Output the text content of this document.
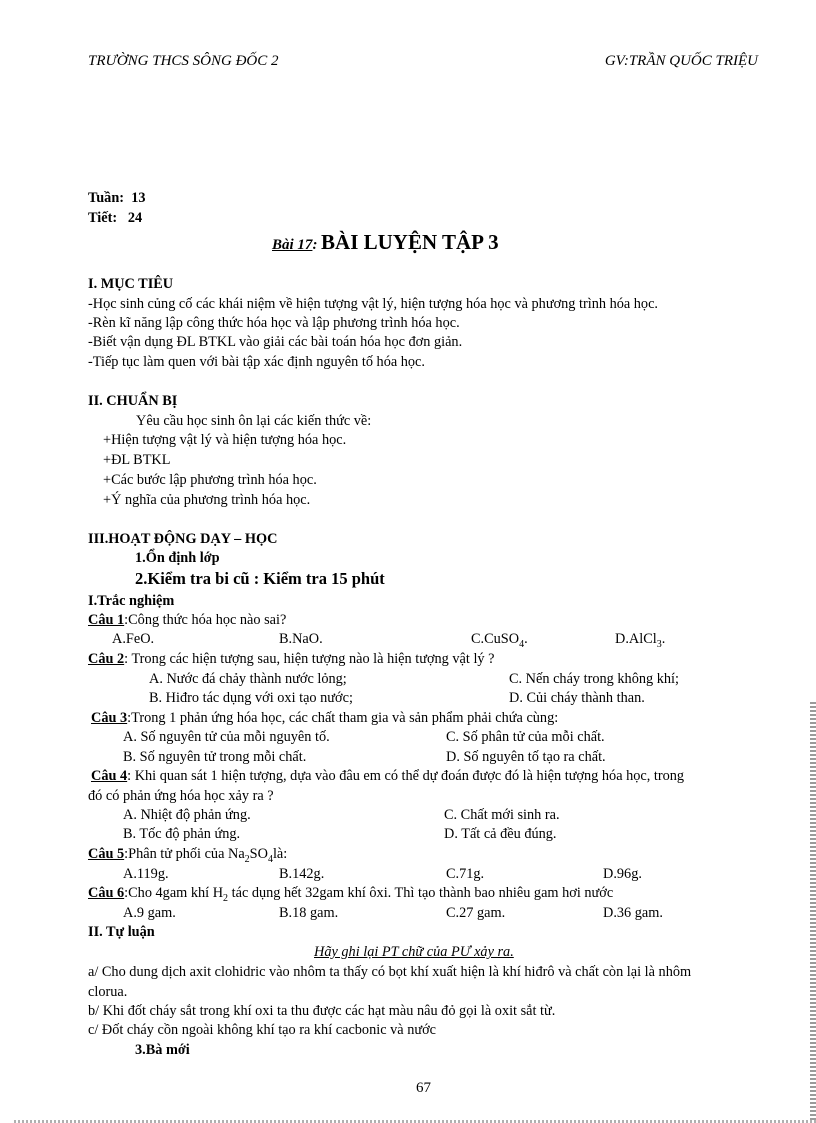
TRƯỜNG THCS SÔNG ĐỐC 2	GV:TRẦN QUỐC TRIỆU
Tuần: 13
Tiết: 24
Bài 17: BÀI LUYỆN TẬP 3
I. MỤC TIÊU
-Học sinh củng cố các khái niệm về hiện tượng vật lý, hiện tượng hóa học và phương trình hóa học.
-Rèn kĩ năng lập công thức hóa học và lập phương trình hóa học.
-Biết vận dụng ĐL BTKL vào giải các bài toán hóa học đơn giản.
-Tiếp tục làm quen với bài tập xác định nguyên tố hóa học.
II. CHUẨN BỊ
Yêu cầu học sinh ôn lại các kiến thức về:
+Hiện tượng vật lý và hiện tượng hóa học.
+ĐL BTKL
+Các bước lập phương trình hóa học.
+Ý nghĩa của phương trình hóa học.
III.HOẠT ĐỘNG DẠY – HỌC
1.Ổn định lớp
2.Kiểm tra bi cũ : Kiểm tra 15 phút
I.Trắc nghiệm
Câu 1:Công thức hóa học nào sai?
A.FeO.	B.NaO.	C.CuSO$_4$.	D.AlCl$_3$.
Câu 2: Trong các hiện tượng sau, hiện tượng nào là hiện tượng vật lý ?
A. Nước đá chảy thành nước lỏng;	C. Nến cháy trong không khí;
B. Hiđro tác dụng với oxi tạo nước;	D. Củi cháy thành than.
Câu 3:Trong 1 phản ứng hóa học, các chất tham gia và sản phẩm phải chứa cùng:
A. Số nguyên tử của mỗi nguyên tố.	C. Số phân tử của mỗi chất.
B. Số nguyên tử trong mỗi chất.	D. Số nguyên tố tạo ra chất.
Câu 4: Khi quan sát 1 hiện tượng, dựa vào đâu em có thể dự đoán được đó là hiện tượng hóa học, trong
đó có phản ứng hóa học xảy ra ?
A. Nhiệt độ phản ứng.	C. Chất mới sinh ra.
B. Tốc độ phản ứng.	D. Tất cả đều đúng.
Câu 5:Phân tử phối của $Na_2SO_4là$:
A.119g.	B.142g.	C.71g.	D.96g.
Câu 6:Cho 4gam khí $H_2$ tác dụng hết 32gam khí ôxi. Thì tạo thành bao nhiêu gam hơi nước
A.9 gam.	B.18 gam.	C.27 gam.	D.36 gam.
II. Tự luận
Hãy ghi lại PT chữ của PƯ xảy ra.
a/ Cho dung dịch axit clohidric vào nhôm ta thấy có bọt khí xuất hiện là khí hiđrô và chất còn lại là nhôm
clorua.
b/ Khi đốt cháy sắt trong khí oxi ta thu được các hạt màu nâu đỏ gọi là oxit sắt từ.
c/ Đốt cháy cồn ngoài không khí tạo ra khí cacbonic và nước
3.Bà mới
67
